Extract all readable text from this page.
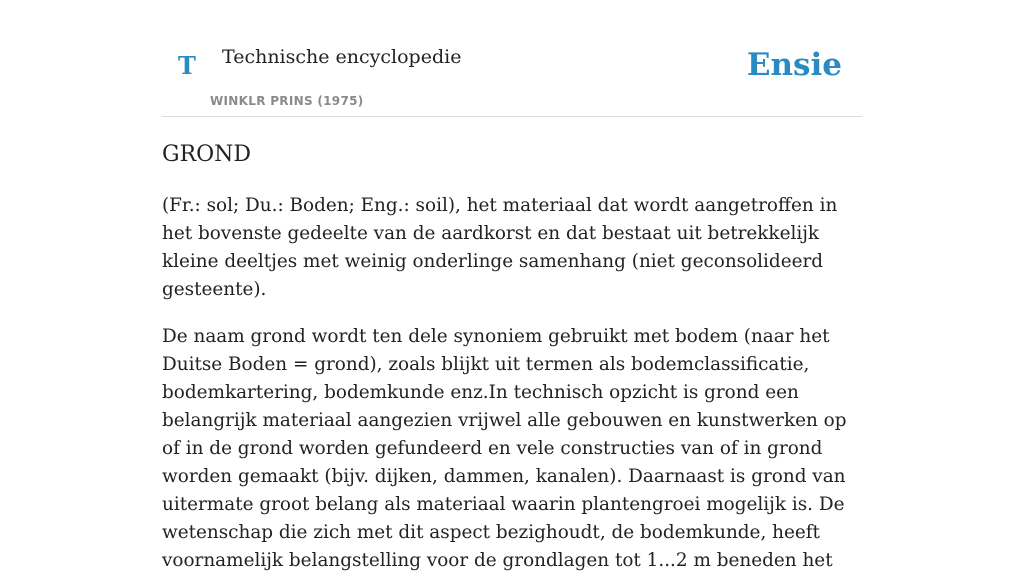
T Technische encyclopedie
WINKLR PRINS (1975)
Ensie
GROND

(Fr.: sol; Du.: Boden; Eng.: soil), het materiaal dat wordt aangetroffen in het bovenste gedeelte van de aardkorst en dat bestaat uit betrekkelijk kleine deeltjes met weinig onderlinge samenhang (niet geconsolideerd gesteente).

De naam grond wordt ten dele synoniem gebruikt met bodem (naar het Duitse Boden = grond), zoals blijkt uit termen als bodemclassificatie, bodemkartering, bodemkunde enz.In technisch opzicht is grond een belangrijk materiaal aangezien vrijwel alle gebouwen en kunstwerken op of in de grond worden gefundeerd en vele constructies van of in grond worden gemaakt (bijv. dijken, dammen, kanalen). Daarnaast is grond van uitermate groot belang als materiaal waarin plantengroei mogelijk is. De wetenschap die zich met dit aspect bezighoudt, de bodemkunde, heeft voornamelijk belangstelling voor de grondlagen tot 1...2 m beneden het
